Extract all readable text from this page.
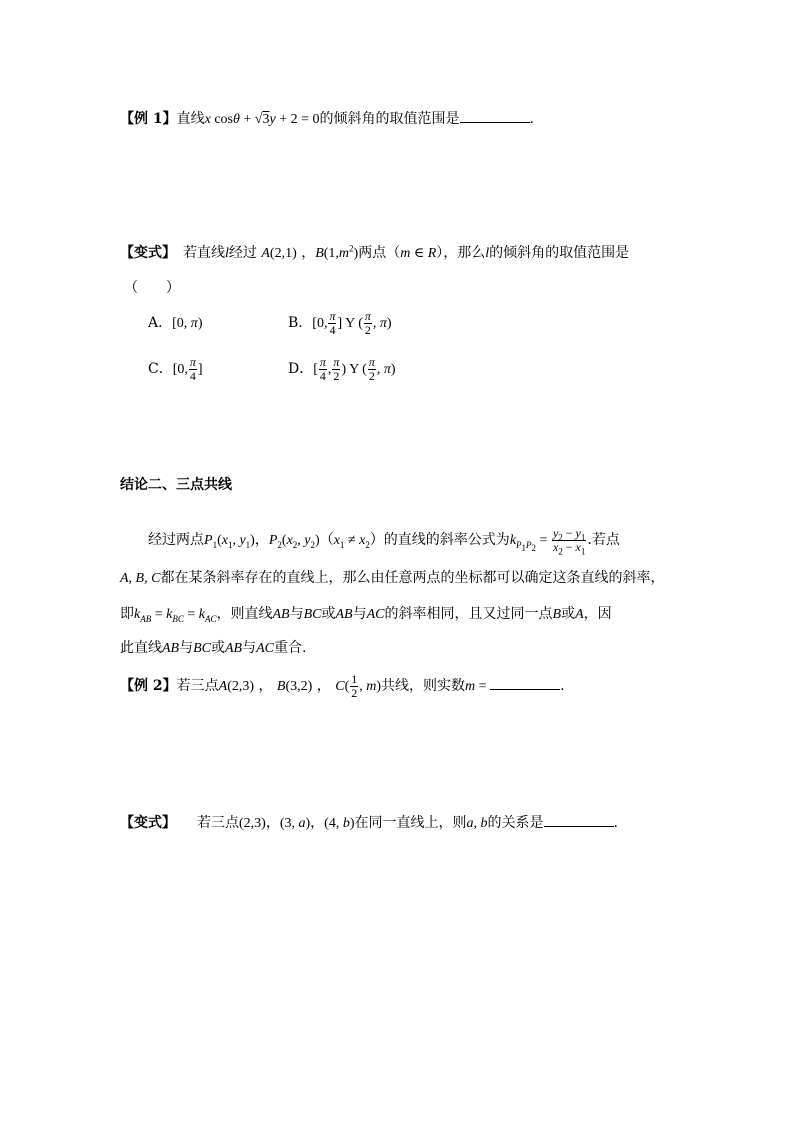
【例 1】直线x cosθ + √3y + 2 = 0的倾斜角的取值范围是	.
【变式】　 若直线l经过 A(2,1) ，$B(1,m^2)$两点（m ∈ R），那么l的倾斜角的取值范围是
（　　）
A．[0, π)	B．[0, $\frac{\pi}{4}$ ] Y ( $\frac{\pi}{2}$ , π)
C．[0, $\frac{\pi}{4}$ ]	D．[ $\frac{\pi}{4}$ , $\frac{\pi}{2}$ ) Y ( $\frac{\pi}{2}$ , π)
结论二、三点共线
经过两点$P_1(x_1$, $y_1$)，$P_2(x_2$, $y_2)(x_1 \ne x_2)$的直线的斜率公式为$k_{P_1P_2} = \frac{y_2 - y_1}{x_2 - x_1}$ .若点
A, B, C都在某条斜率存在的直线上，那么由任意两点的坐标都可以确定这条直线的斜率，
即$k_{AB} = k_{BC} = k_{AC}$，则直线AB与BC或AB与AC的斜率相同，且又过同一点B或A，因
此直线AB与BC或AB与AC重合.
【例 2】若三点A(2,3) ， B(3,2) ， $C( \frac{1}{2}$ , m)共线，则实数m =	.
【变式】　　 若三点(2,3)，(3, a)，(4, b)在同一直线上，则a, b的关系是	.
